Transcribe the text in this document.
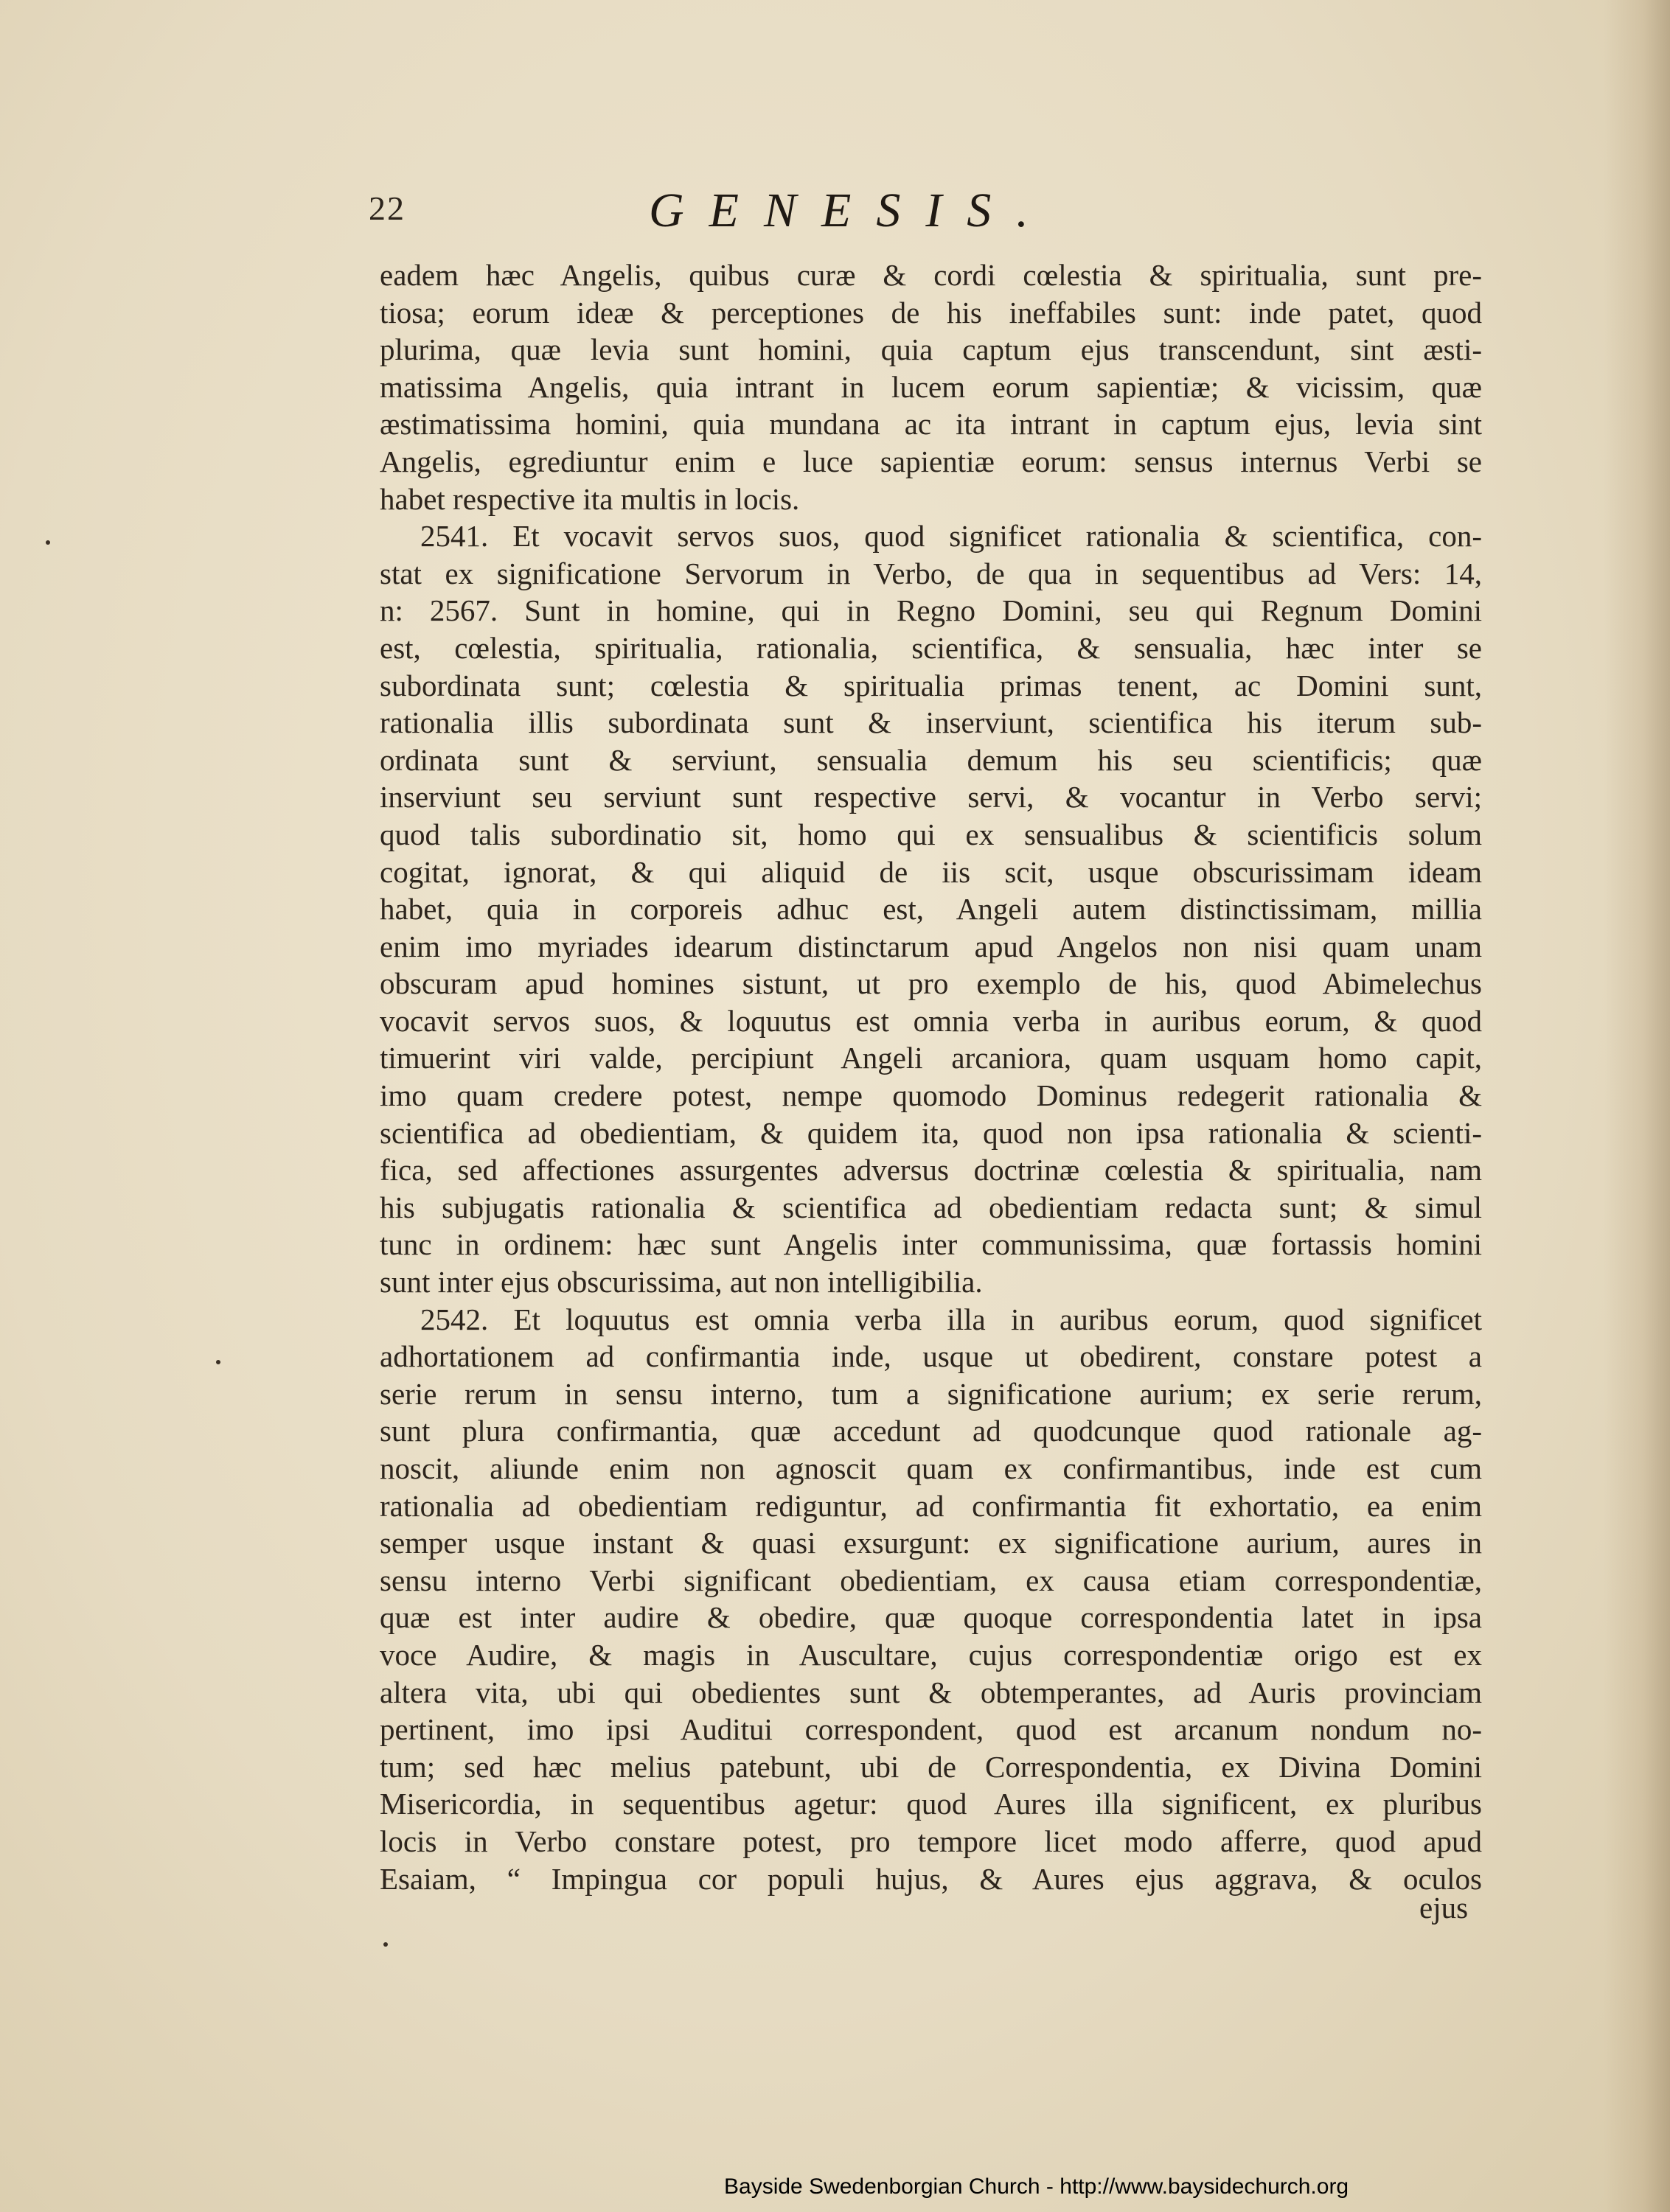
22	GENESIS.
eadem hæc Angelis, quibus curæ & cordi cœlestia & spiritualia, sunt pre-
tiosa; eorum ideæ & perceptiones de his ineffabiles sunt: inde patet, quod
plurima, quæ levia sunt homini, quia captum ejus transcendunt, sint æsti-
matissima Angelis, quia intrant in lucem eorum sapientiæ; & vicissim, quæ
æstimatissima homini, quia mundana ac ita intrant in captum ejus, levia sint
Angelis, egrediuntur enim e luce sapientiæ eorum: sensus internus Verbi se
habet respective ita multis in locis.
2541. Et vocavit servos suos, quod significet rationalia & scientifica, con-
stat ex significatione Servorum in Verbo, de qua in sequentibus ad Vers: 14,
n: 2567. Sunt in homine, qui in Regno Domini, seu qui Regnum Domini
est, cœlestia, spiritualia, rationalia, scientifica, & sensualia, hæc inter se
subordinata sunt; cœlestia & spiritualia primas tenent, ac Domini sunt,
rationalia illis subordinata sunt & inserviunt, scientifica his iterum sub-
ordinata sunt & serviunt, sensualia demum his seu scientificis; quæ
inserviunt seu serviunt sunt respective servi, & vocantur in Verbo servi;
quod talis subordinatio sit, homo qui ex sensualibus & scientificis solum
cogitat, ignorat, & qui aliquid de iis scit, usque obscurissimam ideam
habet, quia in corporeis adhuc est, Angeli autem distinctissimam, millia
enim imo myriades idearum distinctarum apud Angelos non nisi quam unam
obscuram apud homines sistunt, ut pro exemplo de his, quod Abimelechus
vocavit servos suos, & loquutus est omnia verba in auribus eorum, & quod
timuerint viri valde, percipiunt Angeli arcaniora, quam usquam homo capit,
imo quam credere potest, nempe quomodo Dominus redegerit rationalia &
scientifica ad obedientiam, & quidem ita, quod non ipsa rationalia & scienti-
fica, sed affectiones assurgentes adversus doctrinæ cœlestia & spiritualia, nam
his subjugatis rationalia & scientifica ad obedientiam redacta sunt; & simul
tunc in ordinem: hæc sunt Angelis inter communissima, quæ fortassis homini
sunt inter ejus obscurissima, aut non intelligibilia.
2542. Et loquutus est omnia verba illa in auribus eorum, quod significet
adhortationem ad confirmantia inde, usque ut obedirent, constare potest a
serie rerum in sensu interno, tum a significatione aurium; ex serie rerum,
sunt plura confirmantia, quæ accedunt ad quodcunque quod rationale ag-
noscit, aliunde enim non agnoscit quam ex confirmantibus, inde est cum
rationalia ad obedientiam rediguntur, ad confirmantia fit exhortatio, ea enim
semper usque instant & quasi exsurgunt: ex significatione aurium, aures in
sensu interno Verbi significant obedientiam, ex causa etiam correspondentiæ,
quæ est inter audire & obedire, quæ quoque correspondentia latet in ipsa
voce Audire, & magis in Auscultare, cujus correspondentiæ origo est ex
altera vita, ubi qui obedientes sunt & obtemperantes, ad Auris provinciam
pertinent, imo ipsi Auditui correspondent, quod est arcanum nondum no-
tum; sed hæc melius patebunt, ubi de Correspondentia, ex Divina Domini
Misericordia, in sequentibus agetur: quod Aures illa significent, ex pluribus
locis in Verbo constare potest, pro tempore licet modo afferre, quod apud
Esaiam, “ Impingua cor populi hujus, & Aures ejus aggrava, & oculos
ejus
Bayside Swedenborgian Church - http://www.baysidechurch.org
